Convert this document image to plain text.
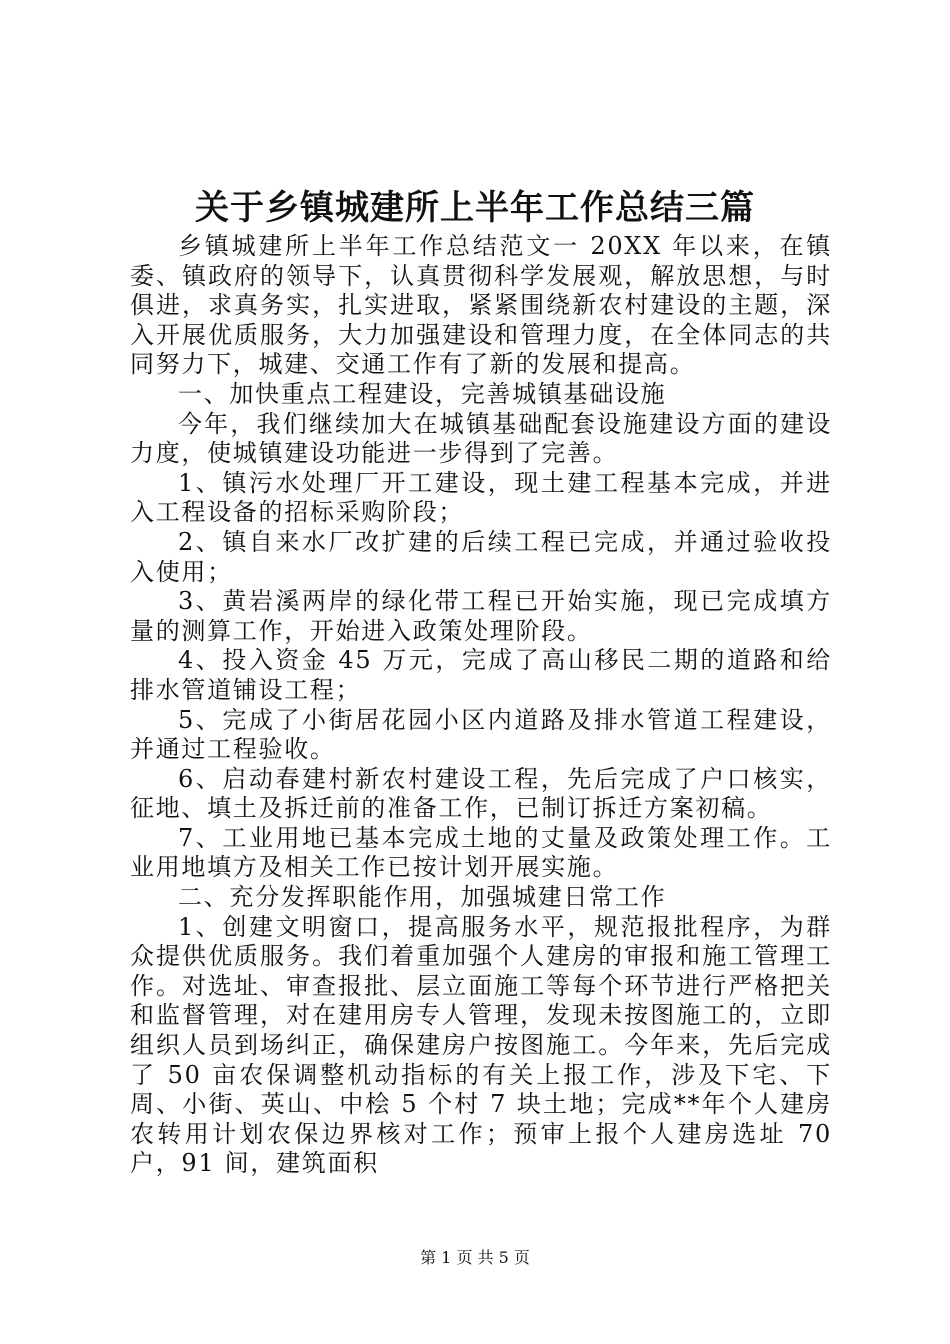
关于乡镇城建所上半年工作总结三篇

乡镇城建所上半年工作总结范文一 20XX 年以来，在镇委、镇政府的领导下，认真贯彻科学发展观，解放思想，与时俱进，求真务实，扎实进取，紧紧围绕新农村建设的主题，深入开展优质服务，大力加强建设和管理力度，在全体同志的共同努力下，城建、交通工作有了新的发展和提高。

一、加快重点工程建设，完善城镇基础设施

今年，我们继续加大在城镇基础配套设施建设方面的建设力度，使城镇建设功能进一步得到了完善。

1、镇污水处理厂开工建设，现土建工程基本完成，并进入工程设备的招标采购阶段；

2、镇自来水厂改扩建的后续工程已完成，并通过验收投入使用；

3、黄岩溪两岸的绿化带工程已开始实施，现已完成填方量的测算工作，开始进入政策处理阶段。

4、投入资金 45 万元，完成了高山移民二期的道路和给排水管道铺设工程；

5、完成了小街居花园小区内道路及排水管道工程建设，并通过工程验收。

6、启动春建村新农村建设工程，先后完成了户口核实，征地、填土及拆迁前的准备工作，已制订拆迁方案初稿。

7、工业用地已基本完成土地的丈量及政策处理工作。工业用地填方及相关工作已按计划开展实施。

二、充分发挥职能作用，加强城建日常工作

1、创建文明窗口，提高服务水平，规范报批程序，为群众提供优质服务。我们着重加强个人建房的审报和施工管理工作。对选址、审查报批、层立面施工等每个环节进行严格把关和监督管理，对在建用房专人管理，发现未按图施工的，立即组织人员到场纠正，确保建房户按图施工。今年来，先后完成了 50 亩农保调整机动指标的有关上报工作，涉及下宅、下周、小街、英山、中桧 5 个村 7 块土地；完成**年个人建房农转用计划农保边界核对工作；预审上报个人建房选址 70 户，91 间，建筑面积

第 1 页 共 5 页
